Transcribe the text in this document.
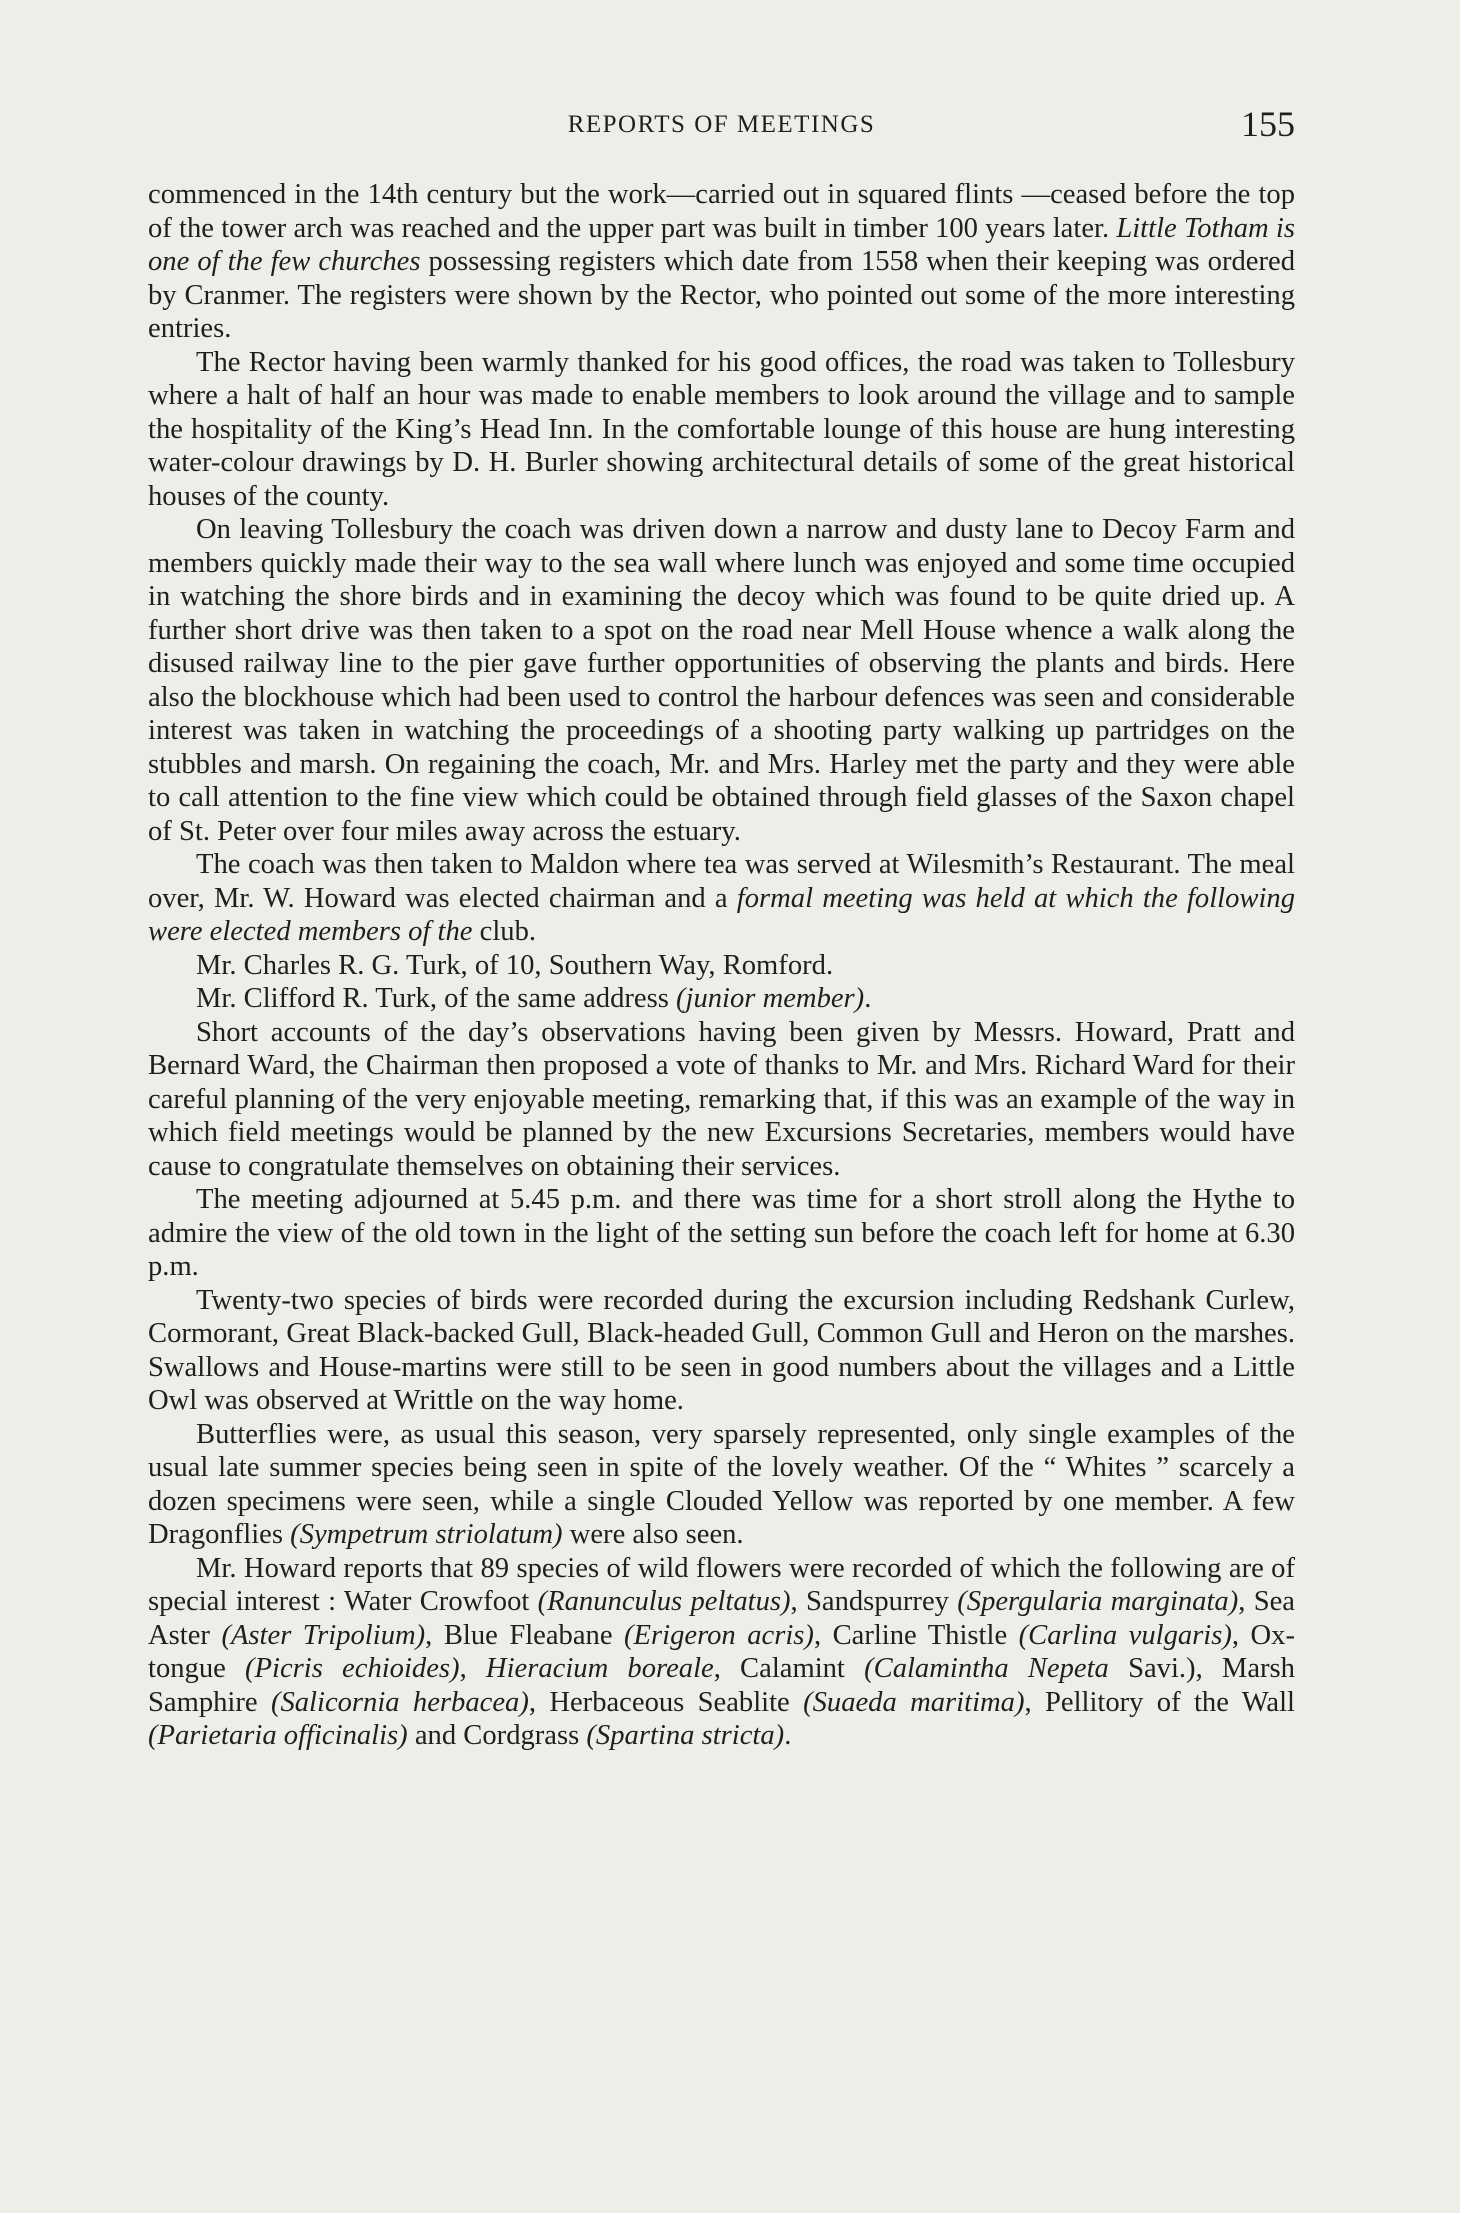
REPORTS OF MEETINGS	155

commenced in the 14th century but the work—carried out in squared flints —ceased before the top of the tower arch was reached and the upper part was built in timber 100 years later. Little Totham is one of the few churches possessing registers which date from 1558 when their keeping was ordered by Cranmer. The registers were shown by the Rector, who pointed out some of the more interesting entries.

The Rector having been warmly thanked for his good offices, the road was taken to Tollesbury where a halt of half an hour was made to enable members to look around the village and to sample the hospitality of the King’s Head Inn. In the comfortable lounge of this house are hung interesting water-colour drawings by D. H. Burler showing architectural details of some of the great historical houses of the county.

On leaving Tollesbury the coach was driven down a narrow and dusty lane to Decoy Farm and members quickly made their way to the sea wall where lunch was enjoyed and some time occupied in watching the shore birds and in examining the decoy which was found to be quite dried up. A further short drive was then taken to a spot on the road near Mell House whence a walk along the disused railway line to the pier gave further opportunities of observing the plants and birds. Here also the blockhouse which had been used to control the harbour defences was seen and considerable interest was taken in watching the proceedings of a shooting party walking up partridges on the stubbles and marsh. On regaining the coach, Mr. and Mrs. Harley met the party and they were able to call attention to the fine view which could be obtained through field glasses of the Saxon chapel of St. Peter over four miles away across the estuary.

The coach was then taken to Maldon where tea was served at Wilesmith’s Restaurant. The meal over, Mr. W. Howard was elected chairman and a formal meeting was held at which the following were elected members of the club.

Mr. Charles R. G. Turk, of 10, Southern Way, Romford.

Mr. Clifford R. Turk, of the same address (junior member).

Short accounts of the day’s observations having been given by Messrs. Howard, Pratt and Bernard Ward, the Chairman then proposed a vote of thanks to Mr. and Mrs. Richard Ward for their careful planning of the very enjoyable meeting, remarking that, if this was an example of the way in which field meetings would be planned by the new Excursions Secretaries, members would have cause to congratulate themselves on obtaining their services.

The meeting adjourned at 5.45 p.m. and there was time for a short stroll along the Hythe to admire the view of the old town in the light of the setting sun before the coach left for home at 6.30 p.m.

Twenty-two species of birds were recorded during the excursion including Redshank Curlew, Cormorant, Great Black-backed Gull, Black-headed Gull, Common Gull and Heron on the marshes. Swallows and House-martins were still to be seen in good numbers about the villages and a Little Owl was observed at Writtle on the way home.

Butterflies were, as usual this season, very sparsely represented, only single examples of the usual late summer species being seen in spite of the lovely weather. Of the “ Whites ” scarcely a dozen specimens were seen, while a single Clouded Yellow was reported by one member. A few Dragonflies (Sympetrum striolatum) were also seen.

Mr. Howard reports that 89 species of wild flowers were recorded of which the following are of special interest : Water Crowfoot (Ranunculus peltatus), Sandspurrey (Spergularia marginata), Sea Aster (Aster Tripolium), Blue Fleabane (Erigeron acris), Carline Thistle (Carlina vulgaris), Ox-tongue (Picris echioides), Hieracium boreale, Calamint (Calamintha Nepeta Savi.), Marsh Samphire (Salicornia herbacea), Herbaceous Seablite (Suaeda maritima), Pellitory of the Wall (Parietaria officinalis) and Cordgrass (Spartina stricta).
